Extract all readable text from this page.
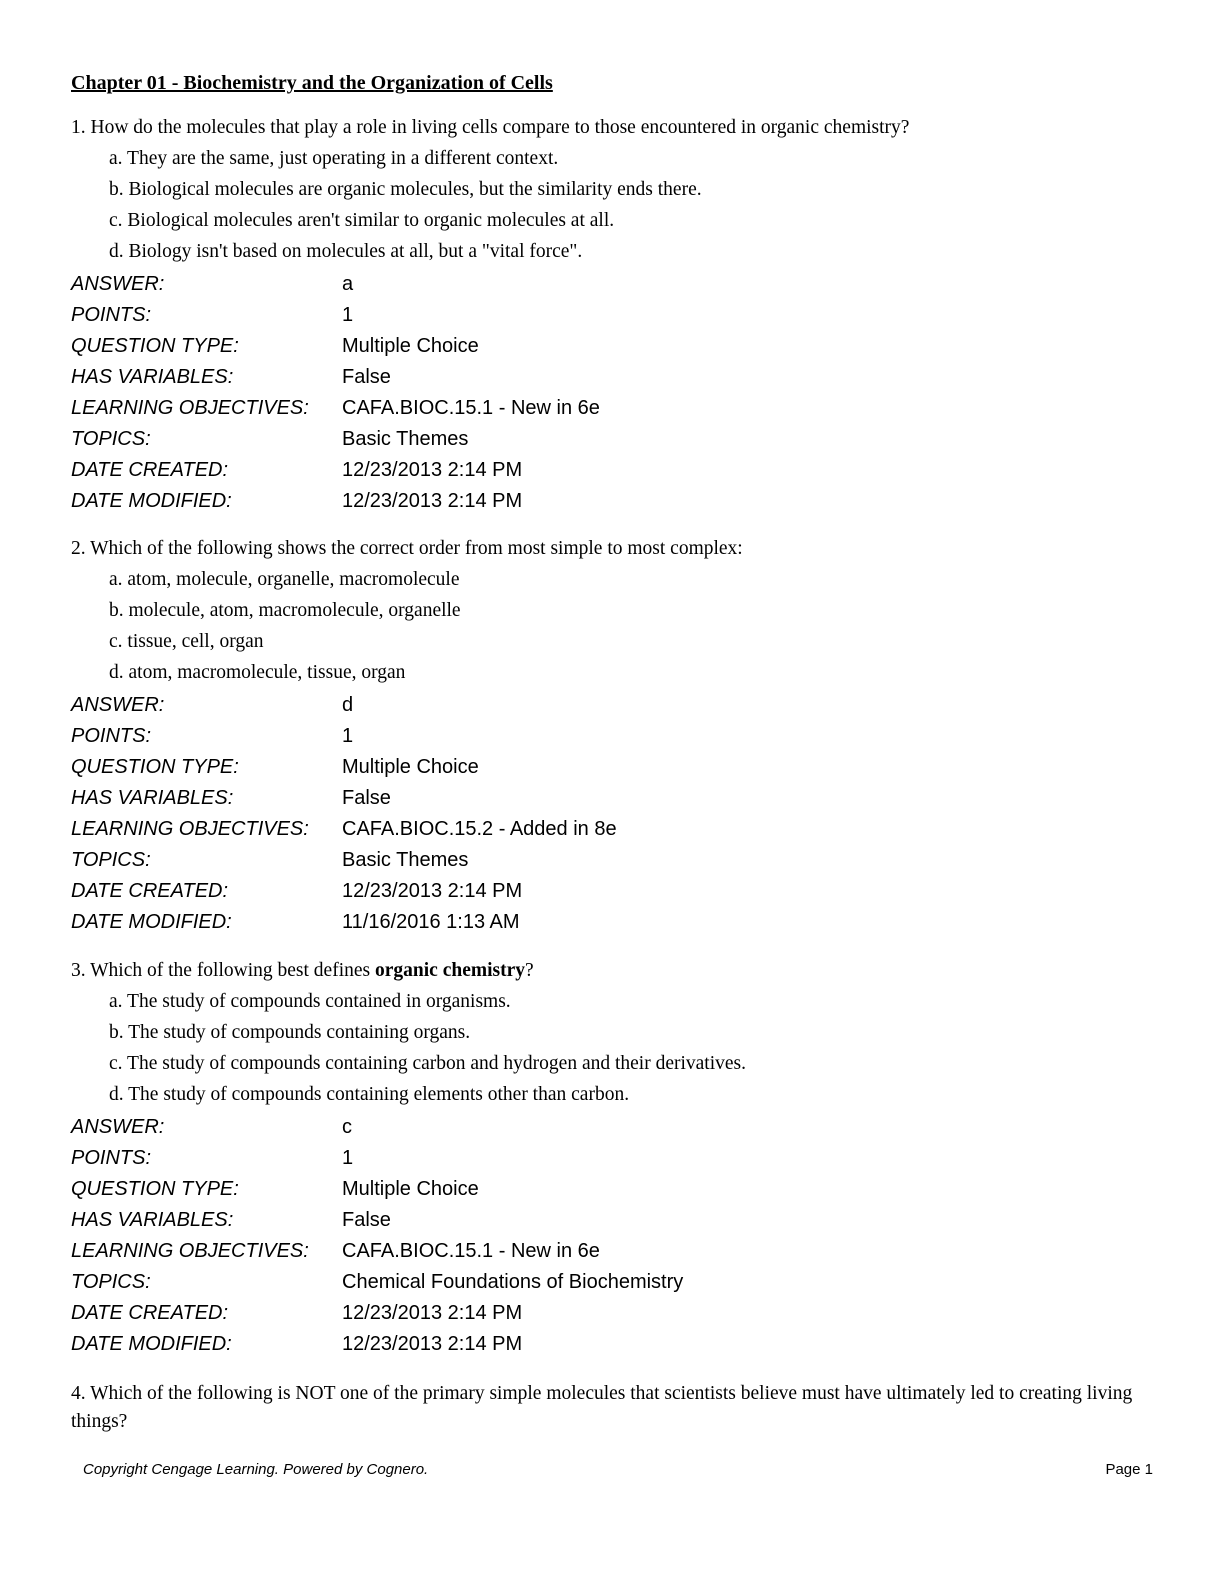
Chapter 01 - Biochemistry and the Organization of Cells

1. How do the molecules that play a role in living cells compare to those encountered in organic chemistry?

a. They are the same, just operating in a different context.
b. Biological molecules are organic molecules, but the similarity ends there.
c. Biological molecules aren't similar to organic molecules at all.
d. Biology isn't based on molecules at all, but a "vital force".
ANSWER:	a
POINTS:	1
QUESTION TYPE:	Multiple Choice
HAS VARIABLES:	False
LEARNING OBJECTIVES:	CAFA.BIOC.15.1 - New in 6e
TOPICS:	Basic Themes
DATE CREATED:	12/23/2013 2:14 PM
DATE MODIFIED:	12/23/2013 2:14 PM

2. Which of the following shows the correct order from most simple to most complex:

a. atom, molecule, organelle, macromolecule
b. molecule, atom, macromolecule, organelle
c. tissue, cell, organ
d. atom, macromolecule, tissue, organ
ANSWER:	d
POINTS:	1
QUESTION TYPE:	Multiple Choice
HAS VARIABLES:	False
LEARNING OBJECTIVES:	CAFA.BIOC.15.2 - Added in 8e
TOPICS:	Basic Themes
DATE CREATED:	12/23/2013 2:14 PM
DATE MODIFIED:	11/16/2016 1:13 AM

3. Which of the following best defines organic chemistry?

a. The study of compounds contained in organisms.
b. The study of compounds containing organs.
c. The study of compounds containing carbon and hydrogen and their derivatives.
d. The study of compounds containing elements other than carbon.
ANSWER:	c
POINTS:	1
QUESTION TYPE:	Multiple Choice
HAS VARIABLES:	False
LEARNING OBJECTIVES:	CAFA.BIOC.15.1 - New in 6e
TOPICS:	Chemical Foundations of Biochemistry
DATE CREATED:	12/23/2013 2:14 PM
DATE MODIFIED:	12/23/2013 2:14 PM

4. Which of the following is NOT one of the primary simple molecules that scientists believe must have ultimately led to creating living things?

Copyright Cengage Learning. Powered by Cognero.	Page 1
